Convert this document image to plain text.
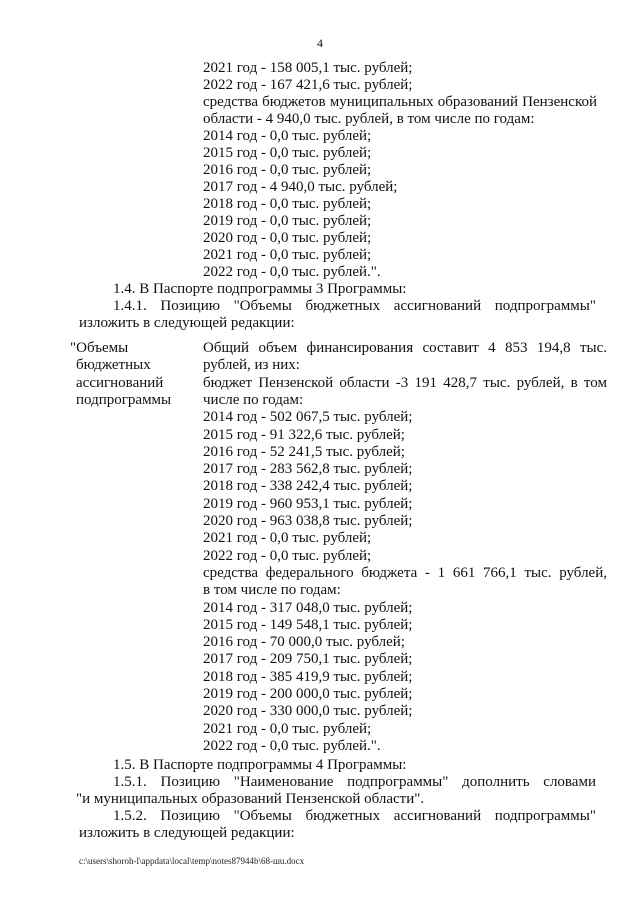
4
2021 год - 158 005,1 тыс. рублей;
2022 год - 167 421,6 тыс. рублей;
средства бюджетов муниципальных образований Пензенской
области - 4 940,0 тыс. рублей, в том числе по годам:
2014 год - 0,0 тыс. рублей;
2015 год - 0,0 тыс. рублей;
2016 год - 0,0 тыс. рублей;
2017 год - 4 940,0 тыс. рублей;
2018 год - 0,0 тыс. рублей;
2019 год - 0,0 тыс. рублей;
2020 год - 0,0 тыс. рублей;
2021 год - 0,0 тыс. рублей;
2022 год - 0,0 тыс. рублей.".
1.4. В Паспорте подпрограммы 3 Программы:
1.4.1. Позицию "Объемы бюджетных ассигнований подпрограммы"
изложить в следующей редакции:
"Объемы
бюджетных
ассигнований
подпрограммы
Общий объем финансирования составит 4 853 194,8 тыс.
рублей, из них:
бюджет Пензенской области -3 191 428,7 тыс. рублей, в том
числе по годам:
2014 год - 502 067,5 тыс. рублей;
2015 год - 91 322,6 тыс. рублей;
2016 год - 52 241,5 тыс. рублей;
2017 год - 283 562,8 тыс. рублей;
2018 год - 338 242,4 тыс. рублей;
2019 год - 960 953,1 тыс. рублей;
2020 год - 963 038,8 тыс. рублей;
2021 год - 0,0 тыс. рублей;
2022 год - 0,0 тыс. рублей;
средства федерального бюджета - 1 661 766,1 тыс. рублей,
в том числе по годам:
2014 год - 317 048,0 тыс. рублей;
2015 год - 149 548,1 тыс. рублей;
2016 год - 70 000,0 тыс. рублей;
2017 год - 209 750,1 тыс. рублей;
2018 год - 385 419,9 тыс. рублей;
2019 год - 200 000,0 тыс. рублей;
2020 год - 330 000,0 тыс. рублей;
2021 год - 0,0 тыс. рублей;
2022 год - 0,0 тыс. рублей.".
1.5. В Паспорте подпрограммы 4 Программы:
1.5.1. Позицию "Наименование подпрограммы" дополнить словами
"и муниципальных образований Пензенской области".
1.5.2. Позицию "Объемы бюджетных ассигнований подпрограммы"
изложить в следующей редакции:
c:\users\shoroh-l\appdata\local\temp\notes87944b\68-шu.docx
